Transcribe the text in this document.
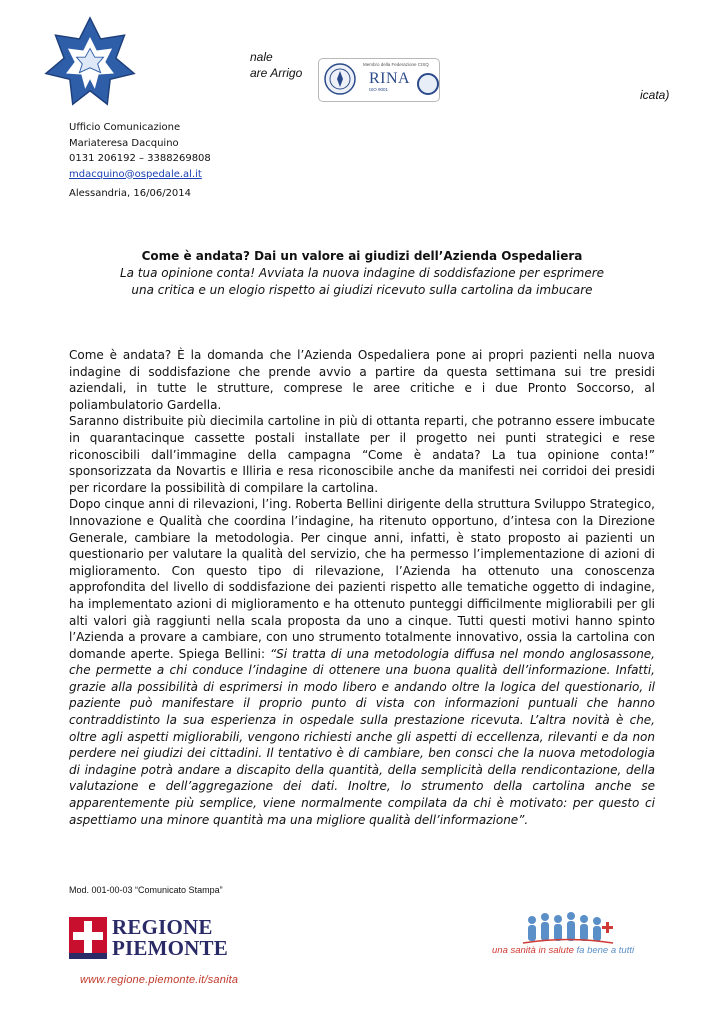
nale
are Arrigo
icata)
Membro della Federazione CISQ
RINA
ISO 9001
Ufficio Comunicazione
Mariateresa Dacquino
0131 206192 – 3388269808
mdacquino@ospedale.al.it
Alessandria, 16/06/2014
Come è andata? Dai un valore ai giudizi dell’Azienda Ospedaliera
La tua opinione conta! Avviata la nuova indagine di soddisfazione per esprimere
una critica e un elogio rispetto ai giudizi ricevuto sulla cartolina da imbucare

Come è andata? È la domanda che l’Azienda Ospedaliera pone ai propri pazienti nella nuova indagine di soddisfazione che prende avvio a partire da questa settimana sui tre presidi aziendali, in tutte le strutture, comprese le aree critiche e i due Pronto Soccorso, al poliambulatorio Gardella.

Saranno distribuite più diecimila cartoline in più di ottanta reparti, che potranno essere imbucate in quarantacinque cassette postali installate per il progetto nei punti strategici e rese riconoscibili dall’immagine della campagna “Come è andata? La tua opinione conta!” sponsorizzata da Novartis e Illiria e resa riconoscibile anche da manifesti nei corridoi dei presidi per ricordare la possibilità di compilare la cartolina.

Dopo cinque anni di rilevazioni, l’ing. Roberta Bellini dirigente della struttura Sviluppo Strategico, Innovazione e Qualità che coordina l’indagine, ha ritenuto opportuno, d’intesa con la Direzione Generale, cambiare la metodologia. Per cinque anni, infatti, è stato proposto ai pazienti un questionario per valutare la qualità del servizio, che ha permesso l’implementazione di azioni di miglioramento. Con questo tipo di rilevazione, l’Azienda ha ottenuto una conoscenza approfondita del livello di soddisfazione dei pazienti rispetto alle tematiche oggetto di indagine, ha implementato azioni di miglioramento e ha ottenuto punteggi difficilmente migliorabili per gli alti valori già raggiunti nella scala proposta da uno a cinque. Tutti questi motivi hanno spinto l’Azienda a provare a cambiare, con uno strumento totalmente innovativo, ossia la cartolina con domande aperte. Spiega Bellini: “Si tratta di una metodologia diffusa nel mondo anglosassone, che permette a chi conduce l’indagine di ottenere una buona qualità dell’informazione. Infatti, grazie alla possibilità di esprimersi in modo libero e andando oltre la logica del questionario, il paziente può manifestare il proprio punto di vista con informazioni puntuali che hanno contraddistinto la sua esperienza in ospedale sulla prestazione ricevuta. L’altra novità è che, oltre agli aspetti migliorabili, vengono richiesti anche gli aspetti di eccellenza, rilevanti e da non perdere nei giudizi dei cittadini. Il tentativo è di cambiare, ben consci che la nuova metodologia di indagine potrà andare a discapito della quantità, della semplicità della rendicontazione, della valutazione e dell’aggregazione dei dati. Inoltre, lo strumento della cartolina anche se apparentemente più semplice, viene normalmente compilata da chi è motivato: per questo ci aspettiamo una minore quantità ma una migliore qualità dell’informazione”.

Mod. 001-00-03 “Comunicato Stampa”
REGIONE
PIEMONTE
www.regione.piemonte.it/sanita
una sanità in salute fa bene a tutti
